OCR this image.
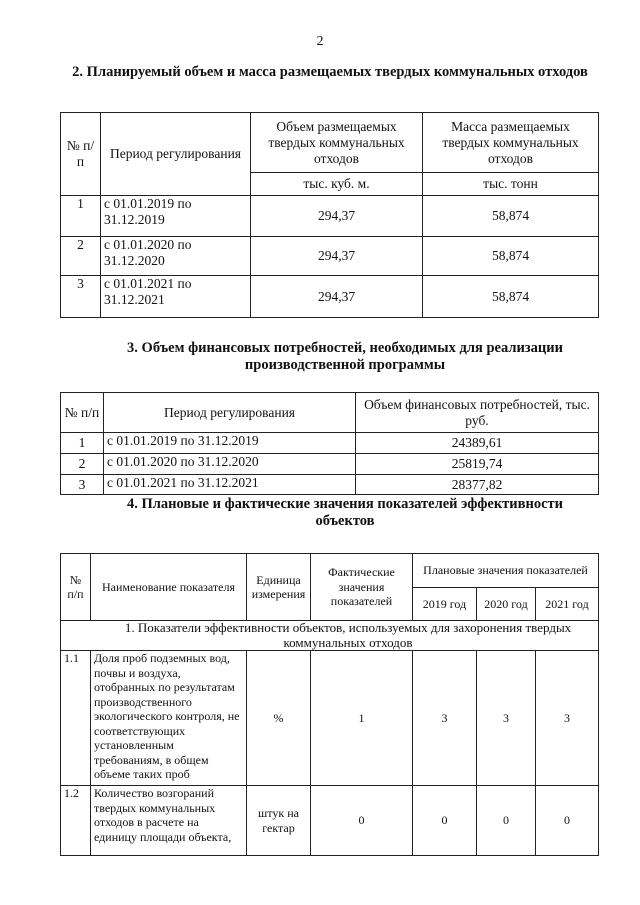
2
2. Планируемый объем и масса размещаемых твердых коммунальных отходов
№ п/п	Период регулирования	Объем размещаемых твердых коммунальных отходов	Масса размещаемых твердых коммунальных отходов
		тыс. куб. м.	тыс. тонн
1	с 01.01.2019 по 31.12.2019	294,37	58,874
2	с 01.01.2020 по 31.12.2020	294,37	58,874
3	с 01.01.2021 по 31.12.2021	294,37	58,874
3. Объем финансовых потребностей, необходимых для реализации производственной программы
№ п/п	Период регулирования	Объем финансовых потребностей, тыс. руб.
1	с 01.01.2019 по 31.12.2019	24389,61
2	с 01.01.2020 по 31.12.2020	25819,74
3	с 01.01.2021 по 31.12.2021	28377,82
4. Плановые и фактические значения показателей эффективности объектов
№ п/п	Наименование показателя	Единица измерения	Фактические значения показателей	Плановые значения показателей		
				2019 год	2020 год	2021 год
1. Показатели эффективности объектов, используемых для захоронения твердых коммунальных отходов						
1.1	Доля проб подземных вод, почвы и воздуха, отобранных по результатам производственного экологического контроля, не соответствующих установленным требованиям, в общем объеме таких проб	%	1	3	3	3
1.2	Количество возгораний твердых коммунальных отходов в расчете на единицу площади объекта,	штук на гектар	0	0	0	0
